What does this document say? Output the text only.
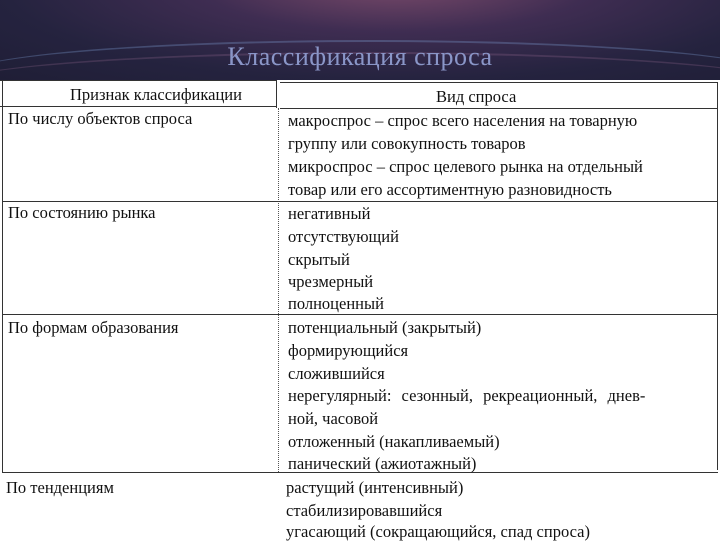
Классификация спроса
Признак классификации	Вид спроса
По числу объектов спроса	макроспрос – спрос всего населения на товарную
группу или совокупность товаров
микроспрос – спрос целевого рынка на отдельный
товар или его ассортиментную разновидность
По состоянию рынка	негативный
отсутствующий
скрытый
чрезмерный
полноценный
По формам образования	потенциальный (закрытый)
формирующийся
сложившийся
нерегулярный: сезонный, рекреационный, днев-
ной, часовой
отложенный (накапливаемый)
панический (ажиотажный)
По тенденциям	растущий (интенсивный)
стабилизировавшийся
угасающий (сокращающийся, спад спроса)
